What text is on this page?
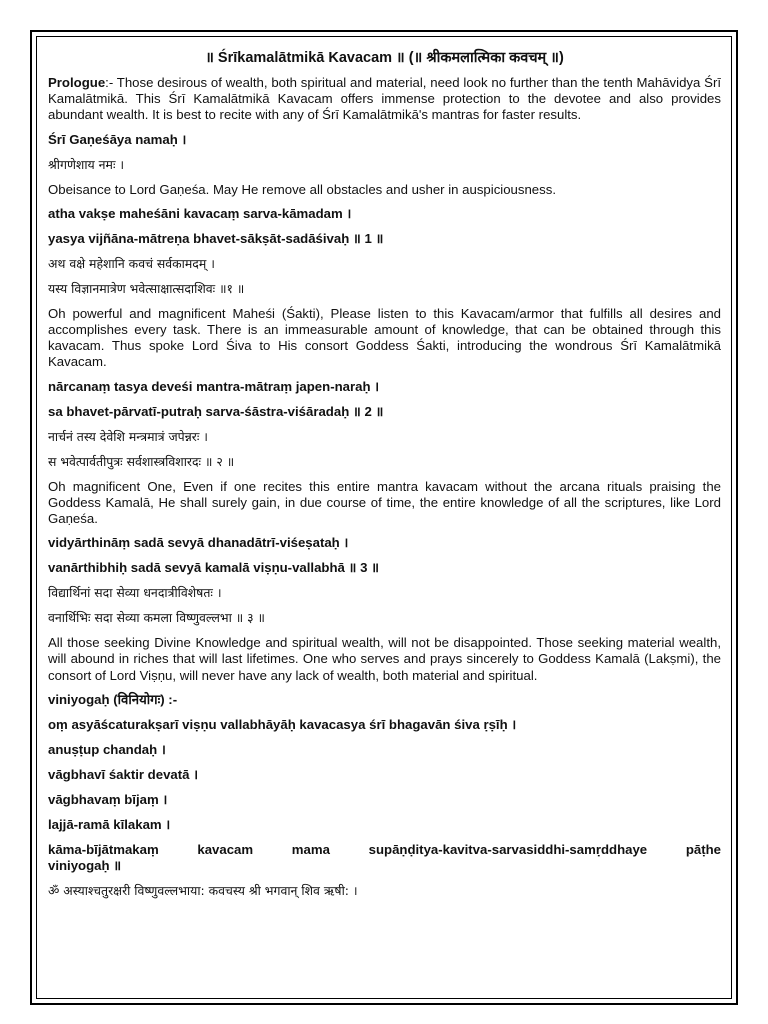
॥ Śrīkamalātmikā Kavacam ॥ (॥ श्रीकमलात्मिका कवचम् ॥)
Prologue:- Those desirous of wealth, both spiritual and material, need look no further than the tenth Mahāvidya Śrī Kamalātmikā. This Śrī Kamalātmikā Kavacam offers immense protection to the devotee and also provides abundant wealth. It is best to recite with any of Śrī Kamalātmikā's mantras for faster results.
Śrī Gaṇeśāya namaḥ ।
श्रीगणेशाय नमः ।
Obeisance to Lord Gaṇeśa. May He remove all obstacles and usher in auspiciousness.
atha vakṣe maheśāni kavacaṃ sarva-kāmadam ।
yasya vijñāna-mātreṇa bhavet-sākṣāt-sadāśivaḥ ॥ 1 ॥
अथ वक्षे महेशानि कवचं सर्वकामदम् ।
यस्य विज्ञानमात्रेण भवेत्साक्षात्सदाशिवः ॥१ ॥
Oh powerful and magnificent Maheśi (Śakti), Please listen to this Kavacam/armor that fulfills all desires and accomplishes every task. There is an immeasurable amount of knowledge, that can be obtained through this kavacam. Thus spoke Lord Śiva to His consort Goddess Śakti, introducing the wondrous Śrī Kamalātmikā Kavacam.
nārcanaṃ tasya deveśi mantra-mātraṃ japen-naraḥ ।
sa bhavet-pārvatī-putraḥ sarva-śāstra-viśāradaḥ ॥ 2 ॥
नार्चनं तस्य देवेशि मन्त्रमात्रं जपेन्नरः ।
स भवेत्पार्वतीपुत्रः सर्वशास्त्रविशारदः ॥ २ ॥
Oh magnificent One, Even if one recites this entire mantra kavacam without the arcana rituals praising the Goddess Kamalā, He shall surely gain, in due course of time, the entire knowledge of all the scriptures, like Lord Gaṇeśa.
vidyārthināṃ sadā sevyā dhanadātrī-viśeṣataḥ ।
vanārthibhiḥ sadā sevyā kamalā viṣṇu-vallabhā ॥ 3 ॥
विद्यार्थिनां सदा सेव्या धनदात्रीविशेषतः ।
वनार्थिभिः सदा सेव्या कमला विष्णुवल्लभा ॥ ३ ॥
All those seeking Divine Knowledge and spiritual wealth, will not be disappointed. Those seeking material wealth, will abound in riches that will last lifetimes. One who serves and prays sincerely to Goddess Kamalā (Lakṣmi), the consort of Lord Viṣṇu, will never have any lack of wealth, both material and spiritual.
viniyogaḥ (विनियोगः) :-
oṃ asyāścaturakṣarī viṣṇu vallabhāyāḥ kavacasya śrī bhagavān śiva ṛṣīḥ ।
anuṣṭup chandaḥ ।
vāgbhavī śaktir devatā ।
vāgbhavaṃ bījaṃ ।
lajjā-ramā kīlakam ।
kāma-bījātmakaṃ kavacam mama supāṇḍitya-kavitva-sarvasiddhi-samṛddhaye pāṭhe
viniyogaḥ ॥
ॐ अस्याश्चतुरक्षरी विष्णुवल्लभाया: कवचस्य श्री भगवान् शिव ऋषी: ।
